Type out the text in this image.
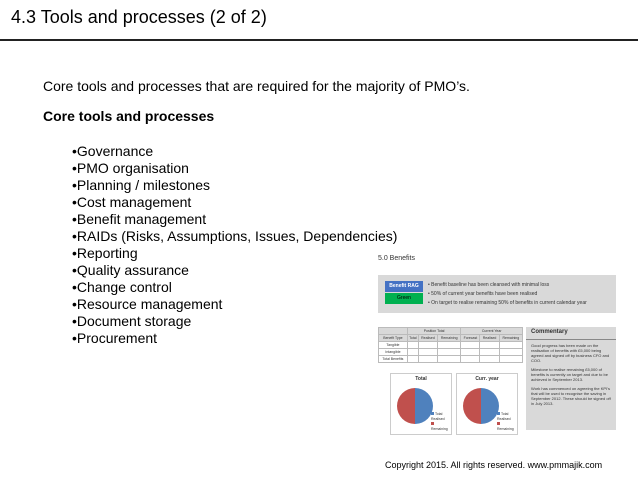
4.3 Tools and processes (2 of 2)
Core tools and processes that are required for the majority of PMO’s.
Core tools and processes
•Governance
•PMO organisation
•Planning / milestones
•Cost management
•Benefit management
•RAIDs (Risks, Assumptions, Issues, Dependencies)
•Reporting
•Quality assurance
•Change control
•Resource management
•Document storage
•Procurement
5.0 Benefits
Benefit RAG
Green
• Benefit baseline has been cleansed with minimal loss
• 50% of current year benefits have been realised
• On target to realise remaining 50% of benefits in current calendar year
	Position Total			Current Year		
Benefit Type	Total	Realised	Remaining	Forecast	Realised	Remaining
Tangible						
Intangible						
Total Benefits						
Commentary
Good progress has been made on the realisation of benefits with £5,000 being agreed and signed off by business CFO and COO.
Milestone to realise remaining £5,000 of benefits is currently on target and due to be achieved in September 2013.
Work has commenced on agreeing the KPI’s that will be used to recognise the saving in September 2012. These should be signed off in July 2013.
Total
Total Realised
Remaining
Curr. year
Total Realised
Remaining
Copyright 2015. All rights reserved. www.pmmajik.com
